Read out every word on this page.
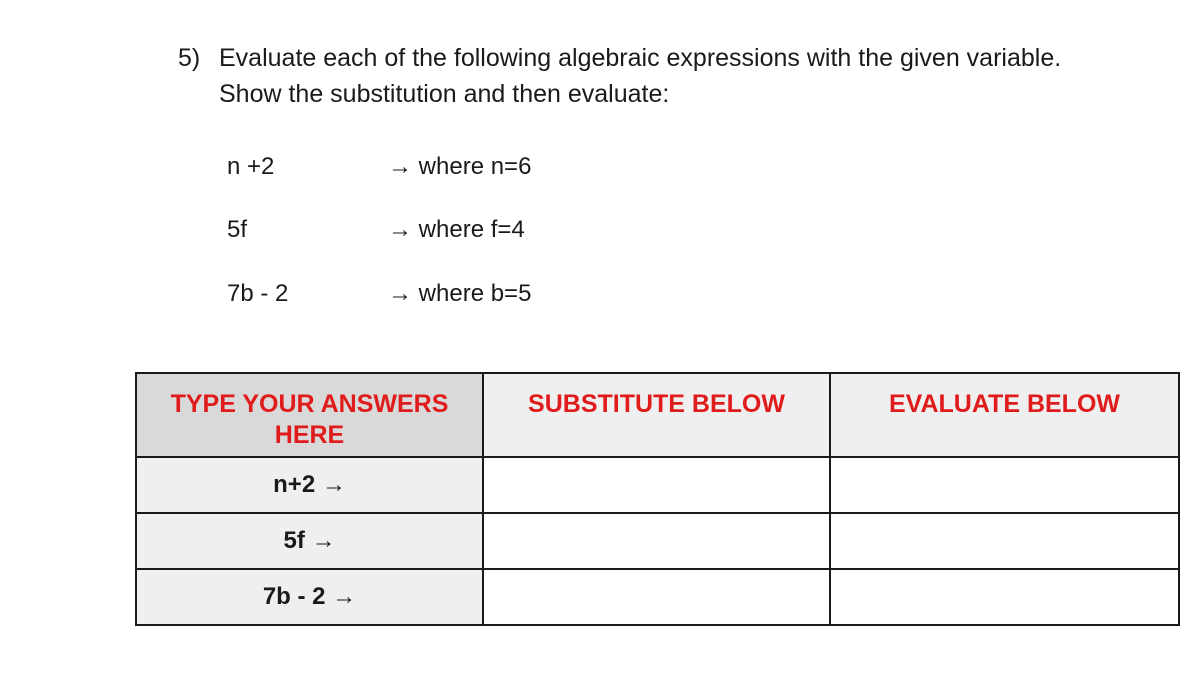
5) Evaluate each of the following algebraic expressions with the given variable. Show the substitution and then evaluate:
n +2	→ where n=6
5f	→ where f=4
7b - 2	→ where b=5
TYPE YOUR ANSWERS HERE	SUBSTITUTE BELOW	EVALUATE BELOW
n+2 →		
5f →		
7b - 2 →		
